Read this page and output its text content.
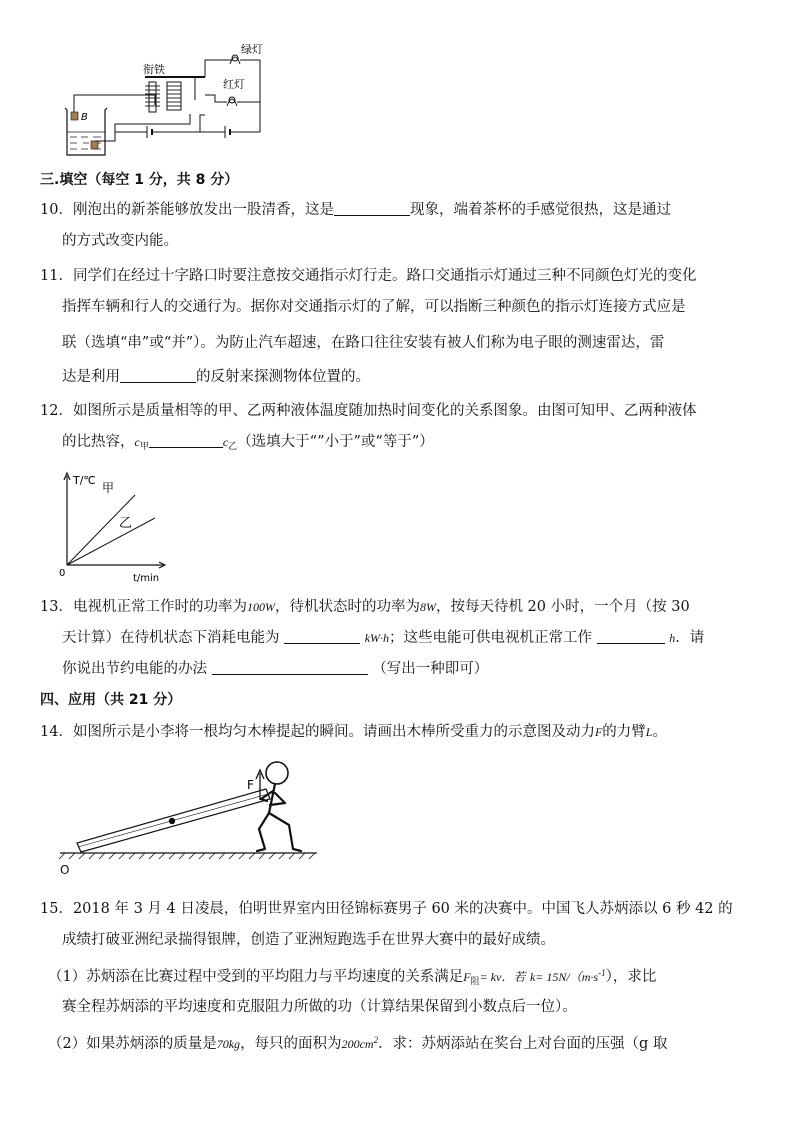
B
衔铁
绿灯
红灯
三.填空（每空 1 分，共 8 分）
10．刚泡出的新茶能够放发出一股清香，这是	现象，端着茶杯的手感觉很热，这是通过
的方式改变内能。
11．同学们在经过十字路口时要注意按交通指示灯行走。路口交通指示灯通过三种不同颜色灯光的变化
指挥车辆和行人的交通行为。据你对交通指示灯的了解，可以指断三种颜色的指示灯连接方式应是
联（选填“串”或“并”）。为防止汽车超速，在路口往往安装有被人们称为电子眼的测速雷达，雷
达是利用	的反射来探测物体位置的。
12．如图所示是质量相等的甲、乙两种液体温度随加热时间变化的关系图象。由图可知甲、乙两种液体
的比热容，$c_甲$	$c_乙$（选填大于“”小于”或“等于”）
T/℃
甲
乙
0	t/min
13．电视机正常工作时的功率为100W，待机状态时的功率为8W，按每天待机 20 小时，一个月（按 30
天计算）在待机状态下消耗电能为	kW·h；这些电能可供电视机正常工作	h．请
你说出节约电能的办法	（写出一种即可）
四、应用（共 21 分）
14．如图所示是小李将一根均匀木棒提起的瞬间。请画出木棒所受重力的示意图及动力F的力臂L。
F
O
15．2018 年 3 月 4 日凌晨，伯明世界室内田径锦标赛男子 60 米的决赛中。中国飞人苏炳添以 6 秒 42 的
成绩打破亚洲纪录揣得银牌，创造了亚洲短跑选手在世界大赛中的最好成绩。
（1）苏炳添在比赛过程中受到的平均阻力与平均速度的关系满足$F_阻=$ kv．若 $k= 15N/(m\cdot s^{-1})$，求比
赛全程苏炳添的平均速度和克服阻力所做的功（计算结果保留到小数点后一位）。
（2）如果苏炳添的质量是70kg，每只的面积为$200cm^2$．求：苏炳添站在奖台上对台面的压强（g 取
